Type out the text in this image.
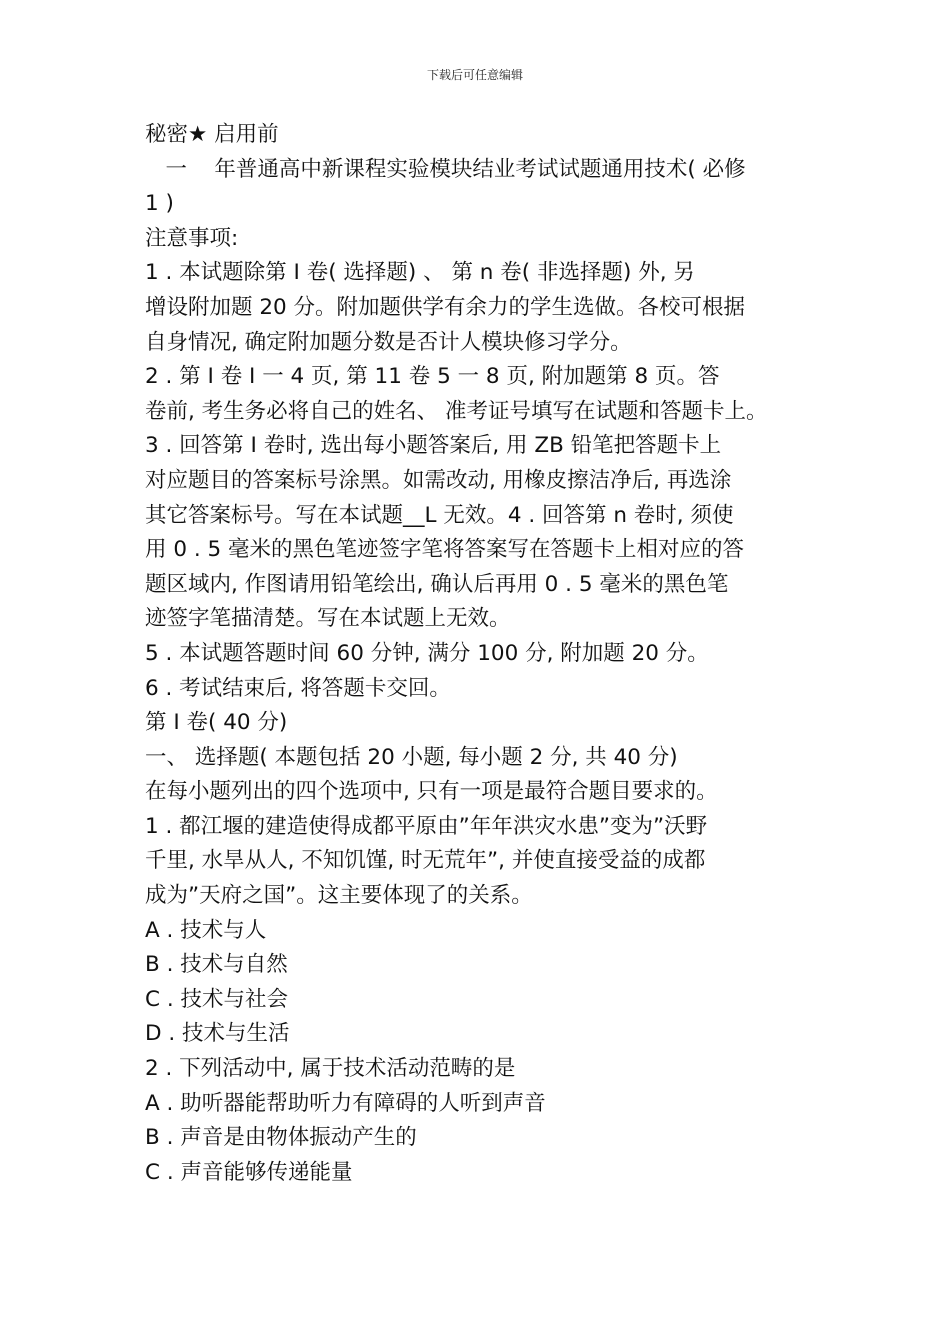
下载后可任意编辑
秘密★ 启用前
一    年普通高中新课程实验模块结业考试试题通用技术( 必修
1 )
注意事项:
1 . 本试题除第 I 卷( 选择题) 、 第 n 卷( 非选择题) 外, 另
增设附加题 20 分。附加题供学有余力的学生选做。各校可根据
自身情况, 确定附加题分数是否计人模块修习学分。
2 . 第 I 卷 I 一 4 页, 第 11 卷 5 一 8 页, 附加题第 8 页。答
卷前, 考生务必将自己的姓名、 准考证号填写在试题和答题卡上。
3 . 回答第 I 卷时, 选出每小题答案后, 用 ZB 铅笔把答题卡上
对应题目的答案标号涂黑。如需改动, 用橡皮擦洁净后, 再选涂
其它答案标号。写在本试题__L 无效。4 . 回答第 n 卷时, 须使
用 0 . 5 毫米的黑色笔迹签字笔将答案写在答题卡上相对应的答
题区域内, 作图请用铅笔绘出, 确认后再用 0 . 5 毫米的黑色笔
迹签字笔描清楚。写在本试题上无效。
5 . 本试题答题时间 60 分钟, 满分 100 分, 附加题 20 分。
6 . 考试结束后, 将答题卡交回。
第 I 卷( 40 分)
一、 选择题( 本题包括 20 小题, 每小题 2 分, 共 40 分)
在每小题列出的四个选项中, 只有一项是最符合题目要求的。
1 . 都江堰的建造使得成都平原由”年年洪灾水患”变为”沃野
千里, 水旱从人, 不知饥馑, 时无荒年”, 并使直接受益的成都
成为”天府之国”。这主要体现了的关系。
A . 技术与人
B . 技术与自然
C . 技术与社会
D . 技术与生活
2 . 下列活动中, 属于技术活动范畴的是
A . 助听器能帮助听力有障碍的人听到声音
B . 声音是由物体振动产生的
C . 声音能够传递能量
